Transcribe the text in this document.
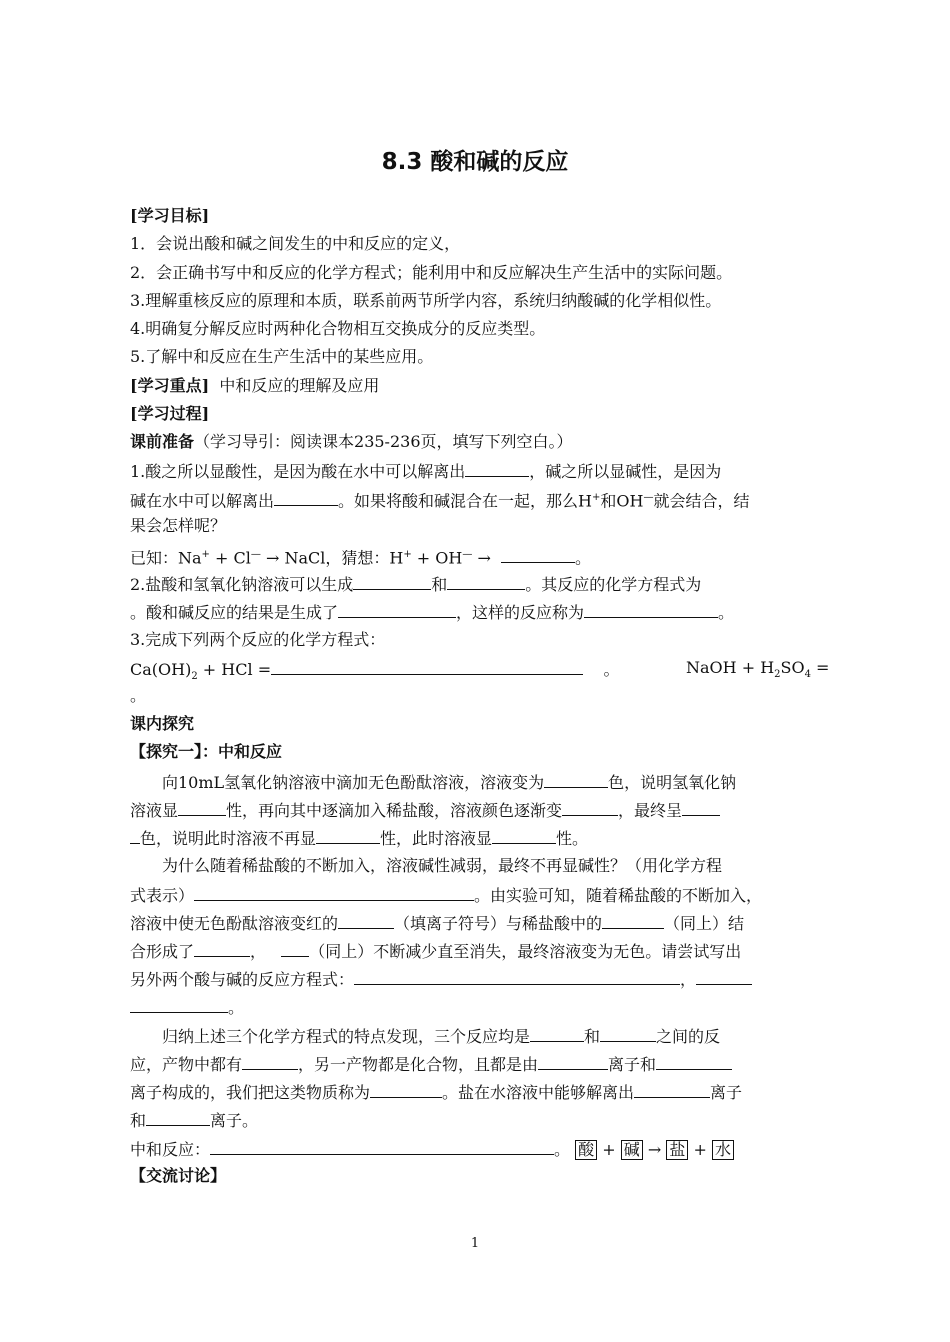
8.3 酸和碱的反应
[学习目标]
1．会说出酸和碱之间发生的中和反应的定义，
2．会正确书写中和反应的化学方程式；能利用中和反应解决生产生活中的实际问题。
3.理解重核反应的原理和本质，联系前两节所学内容，系统归纳酸碱的化学相似性。
4.明确复分解反应时两种化合物相互交换成分的反应类型。
5.了解中和反应在生产生活中的某些应用。
[学习重点] 中和反应的理解及应用
[学习过程]
课前准备（学习导引：阅读课本235-236页，填写下列空白。）
1.酸之所以显酸性，是因为酸在水中可以解离出	，碱之所以显碱性，是因为
碱在水中可以解离出	。如果将酸和碱混合在一起，那么H+和OH—就会结合，结
果会怎样呢？
已知：Na+ + Cl— → NaCl，猜想：H+ + OH— →	。
2.盐酸和氢氧化钠溶液可以生成	和	。其反应的化学方程式为
。酸和碱反应的结果是生成了	，这样的反应称为	。
3.完成下列两个反应的化学方程式：
$Ca(OH)_2$ + HCl =	。	NaOH + $H_2SO_4$ =
。
课内探究
【探究一】：中和反应
向10mL氢氧化钠溶液中滴加无色酚酞溶液，溶液变为	色，说明氢氧化钠
溶液显	性，再向其中逐滴加入稀盐酸，溶液颜色逐渐变	，最终呈
色，说明此时溶液不再显	性，此时溶液显	性。
为什么随着稀盐酸的不断加入，溶液碱性减弱，最终不再显碱性？（用化学方程
式表示）	。由实验可知，随着稀盐酸的不断加入，
溶液中使无色酚酞溶液变红的	（填离子符号）与稀盐酸中的	（同上）结
合形成了	，	（同上）不断减少直至消失，最终溶液变为无色。请尝试写出
另外两个酸与碱的反应方程式：	，
。
归纳上述三个化学方程式的特点发现，三个反应均是	和	之间的反
应，产物中都有	，另一产物都是化合物，且都是由	离子和
离子构成的，我们把这类物质称为	。盐在水溶液中能够解离出	离子
和	离子。
中和反应：	。 酸 + 碱 → 盐 + 水
【交流讨论】
1
